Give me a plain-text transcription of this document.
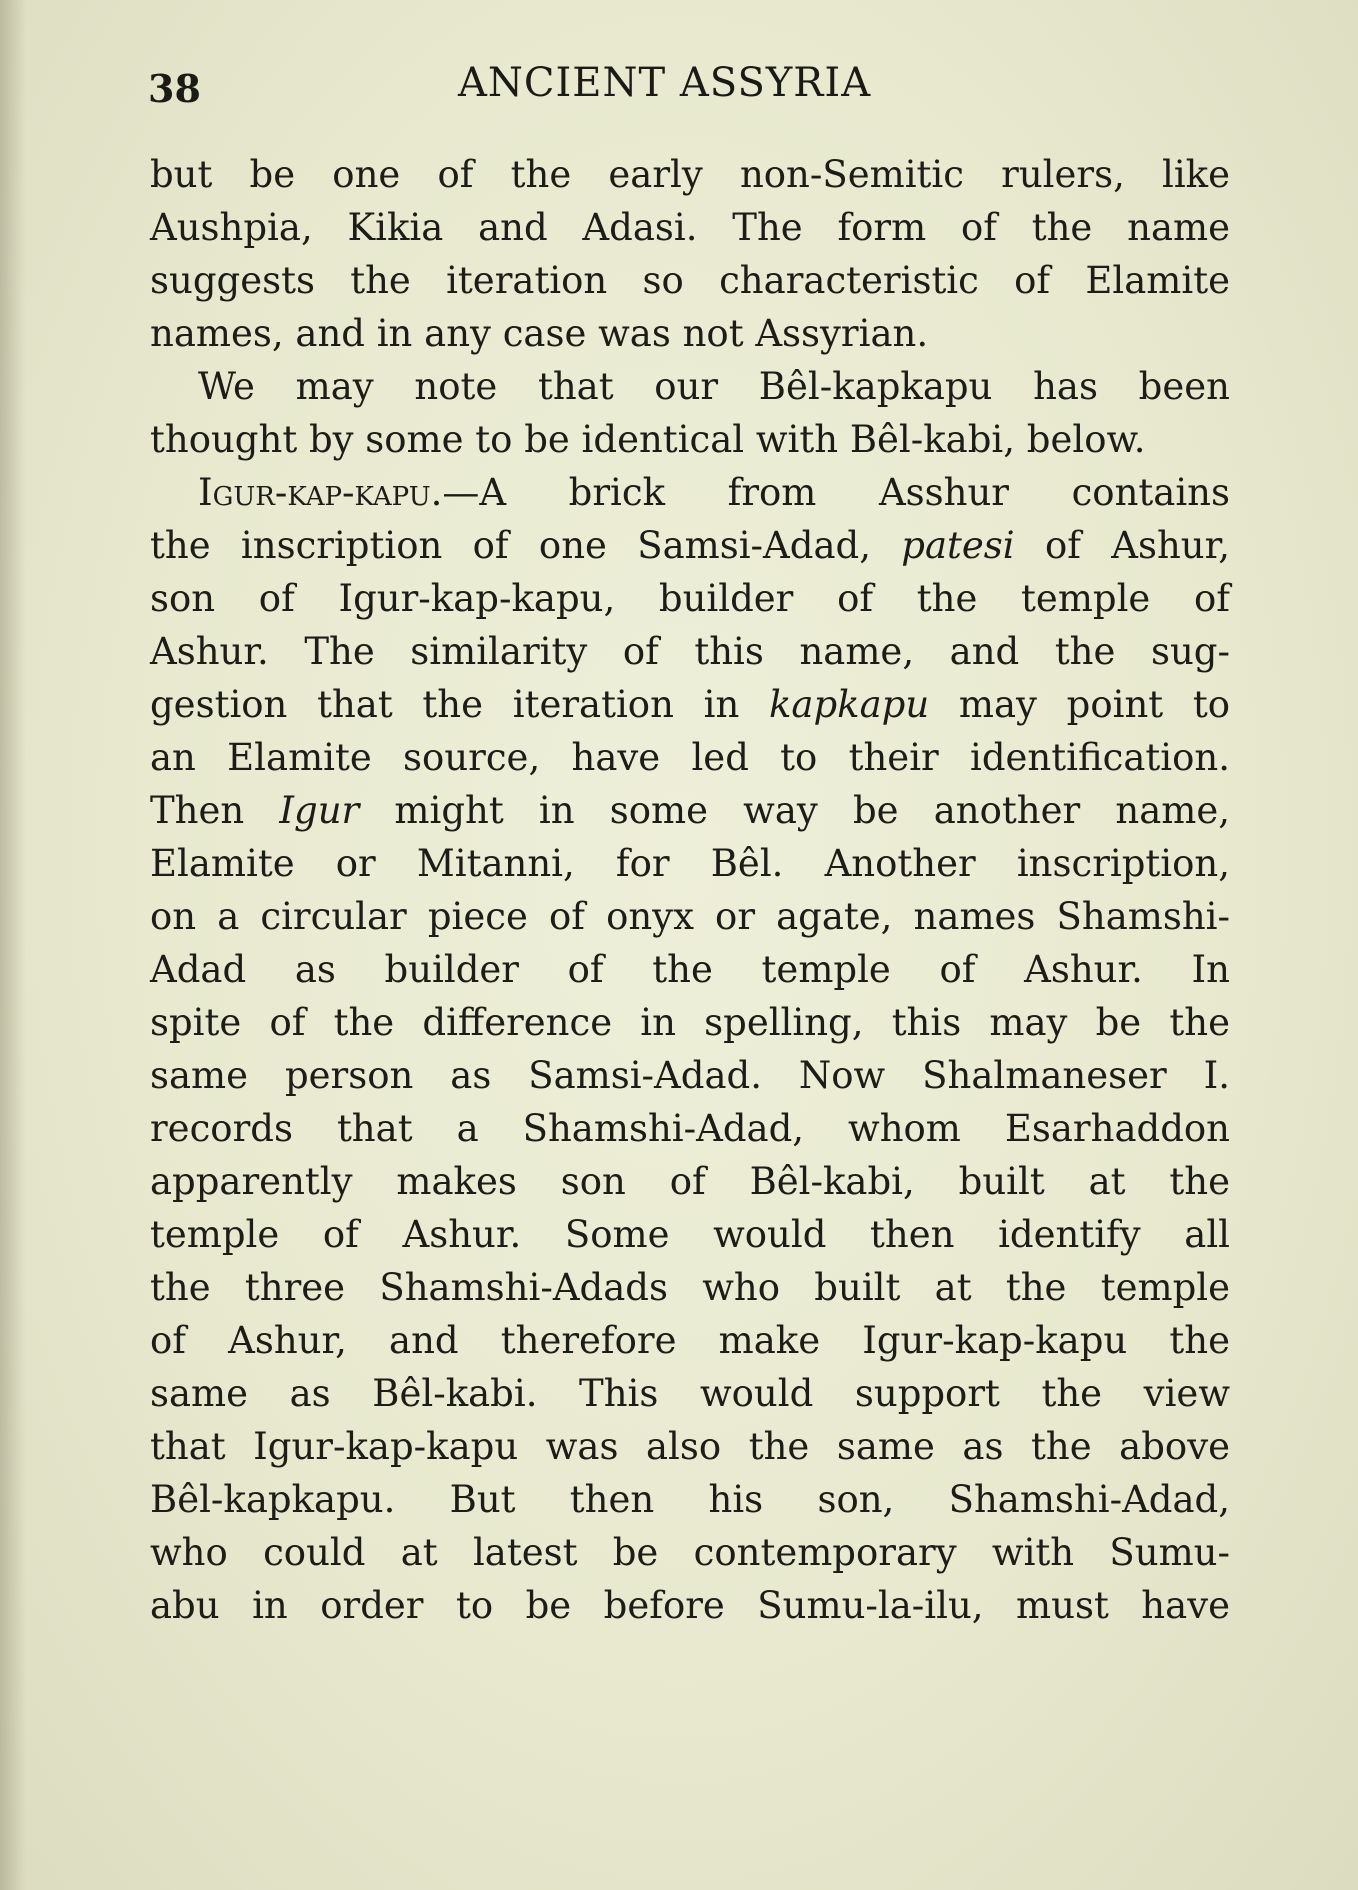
38	ANCIENT ASSYRIA
but be one of the early non-Semitic rulers, like
Aushpia, Kikia and Adasi. The form of the name
suggests the iteration so characteristic of Elamite
names, and in any case was not Assyrian.
We may note that our Bêl-kapkapu has been
thought by some to be identical with Bêl-kabi, below.
Igur-kap-kapu.—A brick from Asshur contains
the inscription of one Samsi-Adad, patesi of Ashur,
son of Igur-kap-kapu, builder of the temple of
Ashur. The similarity of this name, and the sug-
gestion that the iteration in kapkapu may point to
an Elamite source, have led to their identification.
Then Igur might in some way be another name,
Elamite or Mitanni, for Bêl. Another inscription,
on a circular piece of onyx or agate, names Shamshi-
Adad as builder of the temple of Ashur. In
spite of the difference in spelling, this may be the
same person as Samsi-Adad. Now Shalmaneser I.
records that a Shamshi-Adad, whom Esarhaddon
apparently makes son of Bêl-kabi, built at the
temple of Ashur. Some would then identify all
the three Shamshi-Adads who built at the temple
of Ashur, and therefore make Igur-kap-kapu the
same as Bêl-kabi. This would support the view
that Igur-kap-kapu was also the same as the above
Bêl-kapkapu. But then his son, Shamshi-Adad,
who could at latest be contemporary with Sumu-
abu in order to be before Sumu-la-ilu, must have
